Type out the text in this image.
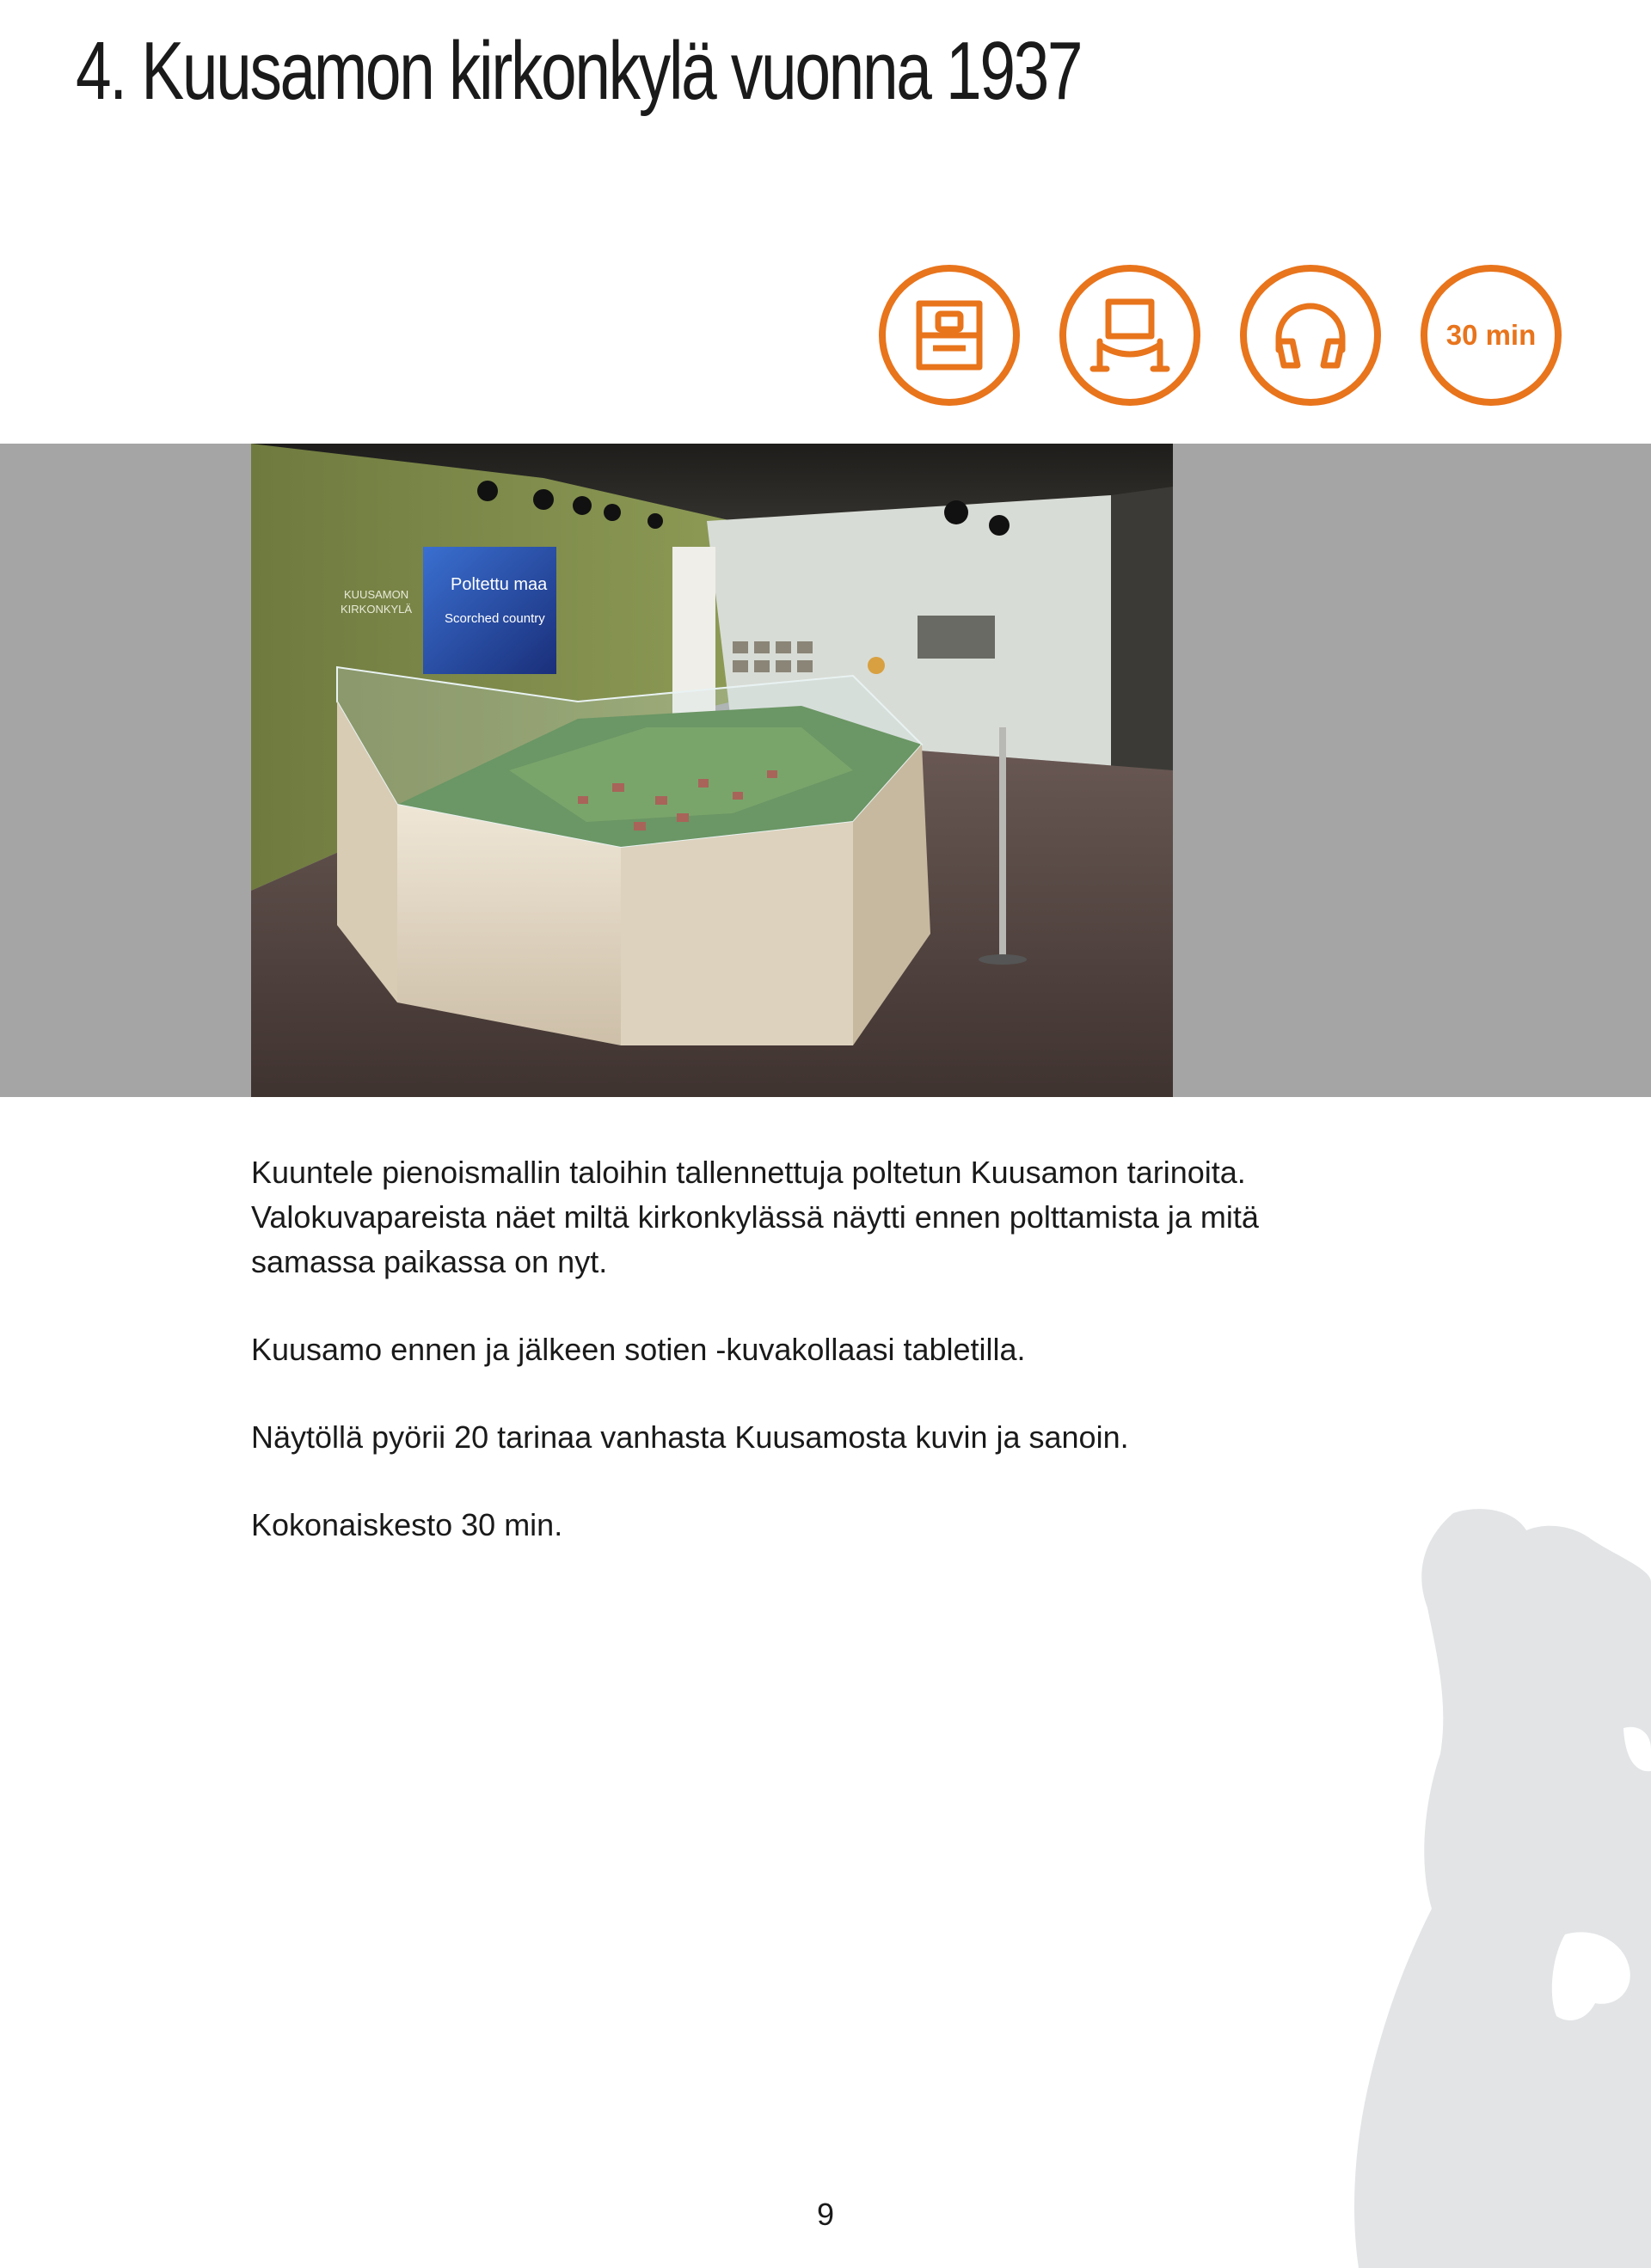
4. Kuusamon kirkonkylä vuonna 1937
30 min
Poltettu maa
Scorched country
KUUSAMON
KIRKONKYLÄ

Kuuntele pienoismallin taloihin tallennettuja poltetun Kuusamon tarinoita. Valokuvapareista näet miltä kirkonkylässä näytti ennen polttamista ja mitä samassa paikassa on nyt.

Kuusamo ennen ja jälkeen sotien -kuvakollaasi tabletilla.

Näytöllä pyörii 20 tarinaa vanhasta Kuusamosta kuvin ja sanoin.

Kokonaiskesto 30 min.

9
